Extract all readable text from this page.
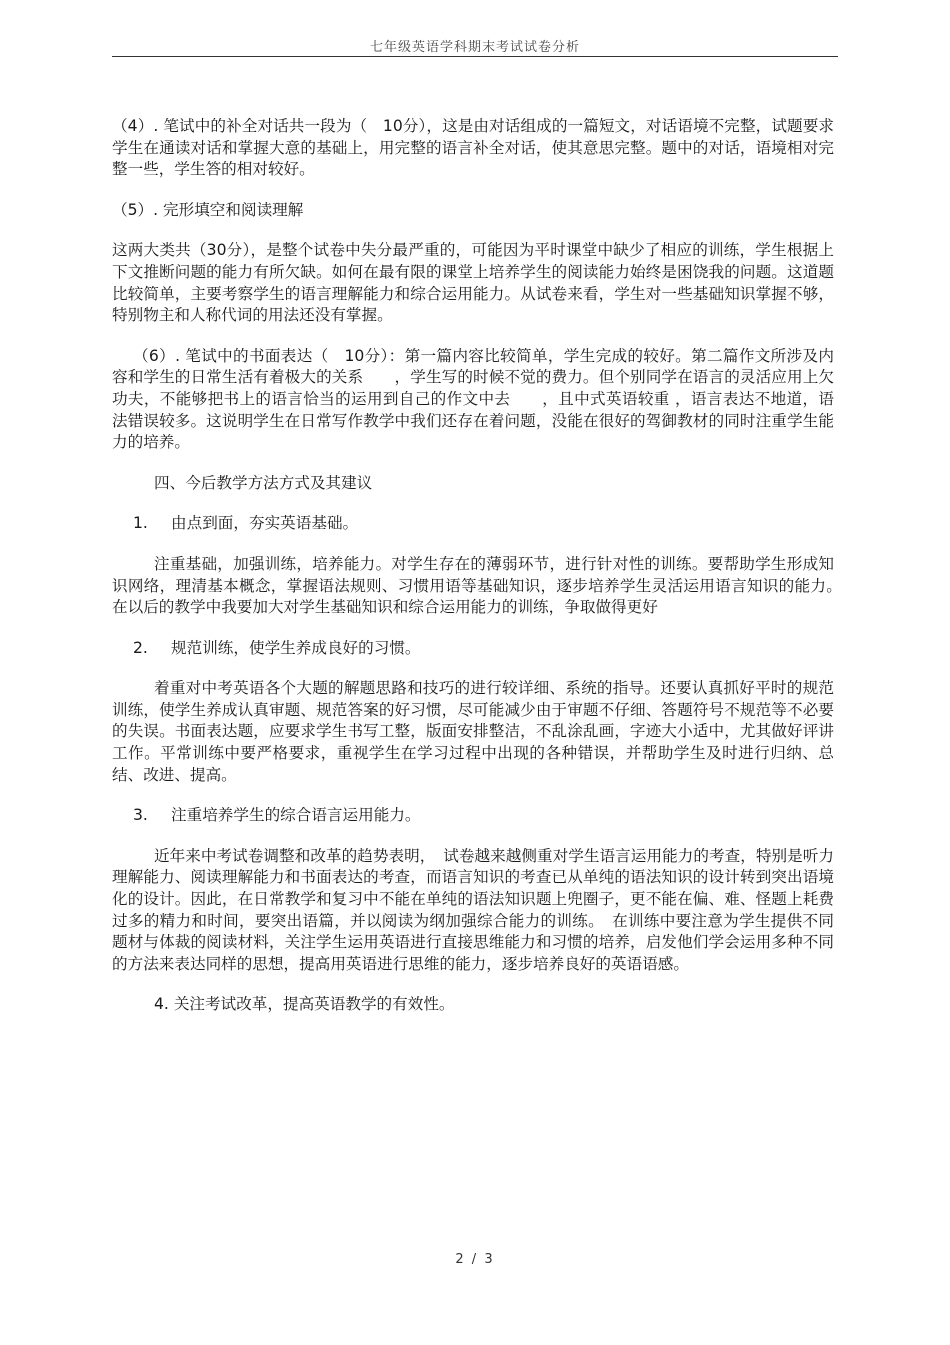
七年级英语学科期末考试试卷分析

（4）. 笔试中的补全对话共一段为（　10分），这是由对话组成的一篇短文，对话语境不完整，试题要求学生在通读对话和掌握大意的基础上，用完整的语言补全对话，使其意思完整。题中的对话，语境相对完整一些，学生答的相对较好。

（5）. 完形填空和阅读理解

这两大类共（30分），是整个试卷中失分最严重的，可能因为平时课堂中缺少了相应的训练，学生根据上下文推断问题的能力有所欠缺。如何在最有限的课堂上培养学生的阅读能力始终是困饶我的问题。这道题比较简单，主要考察学生的语言理解能力和综合运用能力。从试卷来看，学生对一些基础知识掌握不够，特别物主和人称代词的用法还没有掌握。

（6）. 笔试中的书面表达（　10分）：第一篇内容比较简单，学生完成的较好。第二篇作文所涉及内容和学生的日常生活有着极大的关系　　，学生写的时候不觉的费力。但个别同学在语言的灵活应用上欠功夫，不能够把书上的语言恰当的运用到自己的作文中去　　，且中式英语较重 ，语言表达不地道，语法错误较多。这说明学生在日常写作教学中我们还存在着问题，没能在很好的驾御教材的同时注重学生能力的培养。

四、今后教学方法方式及其建议

1. 由点到面，夯实英语基础。

注重基础，加强训练，培养能力。对学生存在的薄弱环节，进行针对性的训练。要帮助学生形成知识网络，理清基本概念，掌握语法规则、习惯用语等基础知识，逐步培养学生灵活运用语言知识的能力。　在以后的教学中我要加大对学生基础知识和综合运用能力的训练，争取做得更好

2. 规范训练，使学生养成良好的习惯。

着重对中考英语各个大题的解题思路和技巧的进行较详细、系统的指导。还要认真抓好平时的规范训练，使学生养成认真审题、规范答案的好习惯，尽可能减少由于审题不仔细、答题符号不规范等不必要的失误。书面表达题，应要求学生书写工整，版面安排整洁，不乱涂乱画，字迹大小适中，尤其做好评讲工作。平常训练中要严格要求，重视学生在学习过程中出现的各种错误，并帮助学生及时进行归纳、总结、改进、提高。

3. 注重培养学生的综合语言运用能力。

近年来中考试卷调整和改革的趋势表明，　试卷越来越侧重对学生语言运用能力的考查，特别是听力理解能力、阅读理解能力和书面表达的考查，而语言知识的考查已从单纯的语法知识的设计转到突出语境化的设计。因此，在日常教学和复习中不能在单纯的语法知识题上兜圈子，更不能在偏、难、怪题上耗费过多的精力和时间，要突出语篇，并以阅读为纲加强综合能力的训练。　在训练中要注意为学生提供不同题材与体裁的阅读材料，关注学生运用英语进行直接思维能力和习惯的培养，启发他们学会运用多种不同的方法来表达同样的思想，提高用英语进行思维的能力，逐步培养良好的英语语感。

4. 关注考试改革，提高英语教学的有效性。

2 / 3
